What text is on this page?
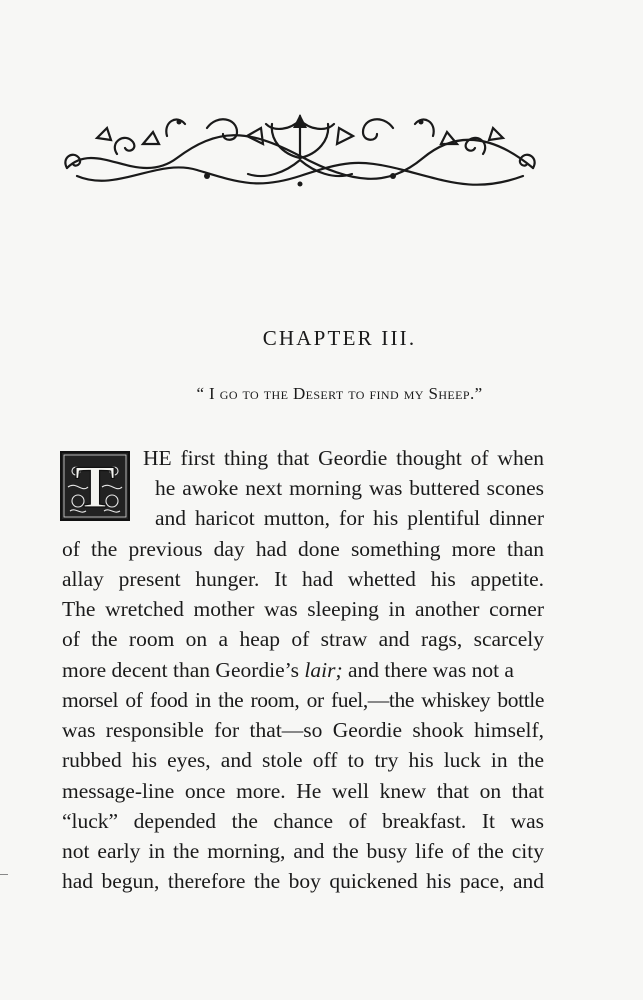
CHAPTER III.
“ I go to the Desert to find my Sheep.”
T HE first thing that Geordie thought of when
he awoke next morning was buttered scones
and haricot mutton, for his plentiful dinner
of the previous day had done something more than
allay present hunger. It had whetted his appetite.
The wretched mother was sleeping in another corner
of the room on a heap of straw and rags, scarcely
more decent than Geordie’s lair; and there was not a
morsel of food in the room, or fuel,—the whiskey bottle
was responsible for that—so Geordie shook himself,
rubbed his eyes, and stole off to try his luck in the
message-line once more. He well knew that on that
“luck” depended the chance of breakfast. It was
not early in the morning, and the busy life of the city
had begun, therefore the boy quickened his pace, and
